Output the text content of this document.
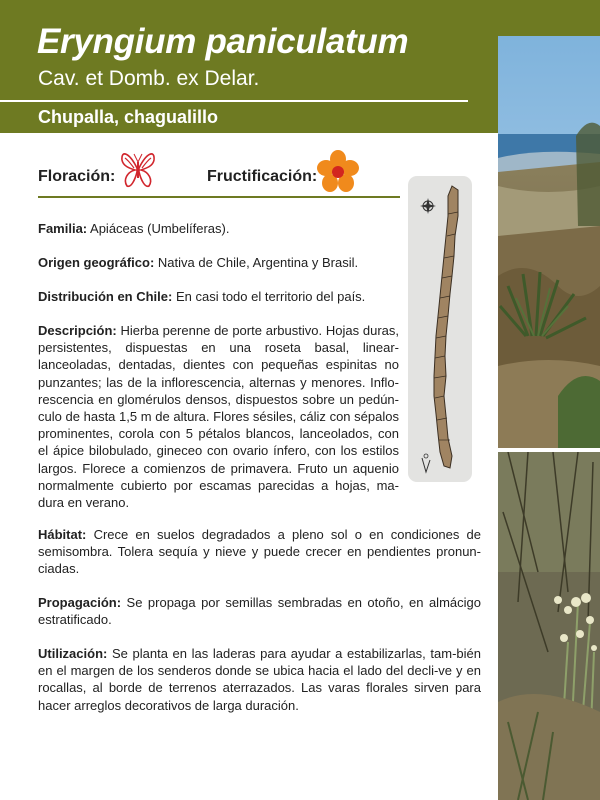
Eryngium paniculatum
Cav. et Domb. ex Delar.
Chupalla, chagualillo
Floración:	Fructificación:
Familia: Apiáceas (Umbelíferas).
Origen geográfico: Nativa de Chile, Argentina y Brasil.
Distribución en Chile: En casi todo el territorio del país.
Descripción: Hierba perenne de porte arbustivo. Hojas duras, persistentes, dispuestas en una roseta basal, linear-lanceoladas, dentadas, dientes con pequeñas espinitas no punzantes; las de la inflorescencia, alternas y menores. Inflo-rescencia en glomérulos densos, dispuestos sobre un pedún-culo de hasta 1,5 m de altura. Flores sésiles, cáliz con sépalos prominentes, corola con 5 pétalos blancos, lanceolados, con el ápice bilobulado, gineceo con ovario ínfero, con los estilos largos. Florece a comienzos de primavera. Fruto un aquenio normalmente cubierto por escamas parecidas a hojas, ma-dura en verano.
Hábitat: Crece en suelos degradados a pleno sol o en condiciones de semisombra. Tolera sequía y nieve y puede crecer en pendientes pronun-ciadas.
Propagación: Se propaga por semillas sembradas en otoño, en almácigo estratificado.
Utilización: Se planta en las laderas para ayudar a estabilizarlas, tam-bién en el margen de los senderos donde se ubica hacia el lado del decli-ve y en rocallas, al borde de terrenos aterrazados. Las varas florales sirven para hacer arreglos decorativos de larga duración.
